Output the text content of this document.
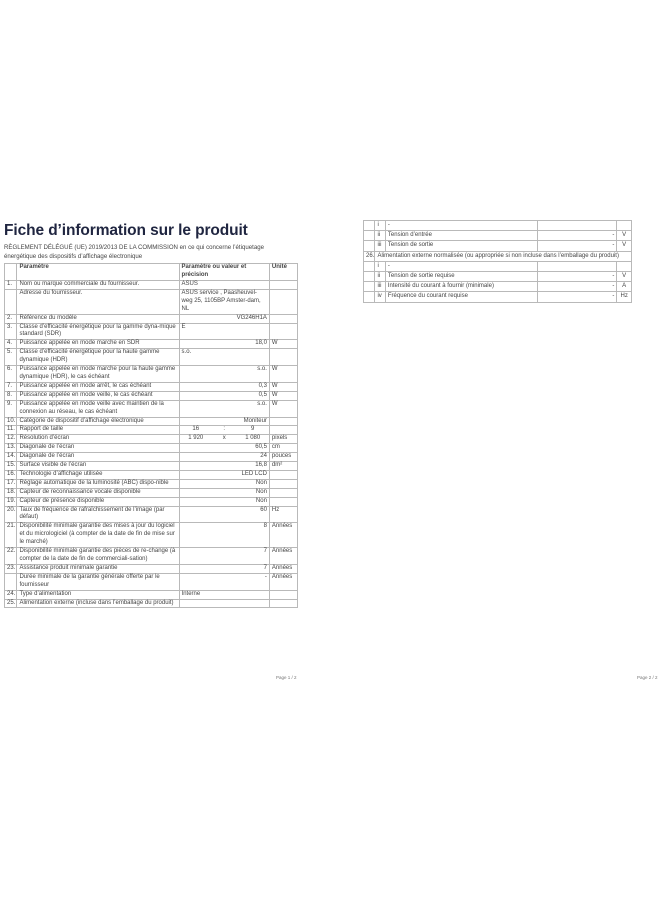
Fiche d’information sur le produit
RÈGLEMENT DÉLÉGUÉ (UE) 2019/2013 DE LA COMMISSION en ce qui concerne l’étiquetage énergétique des dispositifs d’affichage électronique
	Paramètre	Paramètre ou valeur et précision	Unité
1.	Nom ou marque commerciale du fournisseur.	ASUS	
	Adresse du fournisseur.	ASUS service , Paasheuvel-weg 25, 1105BP Amster-dam, NL	
2.	Référence du modèle	VG246H1A	
3.	Classe d’efficacité énergétique pour la gamme dyna-mique standard (SDR)	E	
4.	Puissance appelée en mode marche en SDR	18,0	W
5.	Classe d’efficacité énergétique pour la haute gamme dynamique (HDR)	s.o.	
6.	Puissance appelée en mode marche pour la haute gamme dynamique (HDR), le cas échéant	s.o.	W
7.	Puissance appelée en mode arrêt, le cas échéant	0,3	W
8.	Puissance appelée en mode veille, le cas échéant	0,5	W
9.	Puissance appelée en mode veille avec maintien de la connexion au réseau, le cas échéant	s.o.	W
10.	Catégorie de dispositif d’affichage électronique	Moniteur	
11.	Rapport de taille	16 : 9	

12.	Résolution d’écran	1 920 x 1 080	pixels
13.	Diagonale de l’écran	60,5	cm
14.	Diagonale de l’écran	24	pouces
15.	Surface visible de l’écran	16,8	dm²
16.	Technologie d’affichage utilisée	LED LCD	
17.	Réglage automatique de la luminosité (ABC) dispo-nible	Non	
18.	Capteur de reconnaissance vocale disponible	Non	
19.	Capteur de présence disponible	Non	
20.	Taux de fréquence de rafraîchissement de l’image (par défaut)	60	Hz
21.	Disponibilité minimale garantie des mises à jour du logiciel et du micrologiciel (à compter de la date de fin de mise sur le marché)	8	Années
22.	Disponibilité minimale garantie des pièces de re-change (à compter de la date de fin de commerciali-sation)	7	Années
23.	Assistance produit minimale garantie	7	Années
	Durée minimale de la garantie générale offerte par le fournisseur	-	Années
24.	Type d’alimentation	Interne	
25.	Alimentation externe (incluse dans l’emballage du produit)		
Page 1 / 2
	i	-		
	ii	Tension d’entrée	-	V
	iii	Tension de sortie	-	V
26.	Alimentation externe normalisée (ou appropriée si non incluse dans l’emballage du produit)			
	i	-		
	ii	Tension de sortie requise	-	V
	iii	Intensité du courant à fournir (minimale)	-	A
	iv	Fréquence du courant requise	-	Hz
Page 2 / 2
